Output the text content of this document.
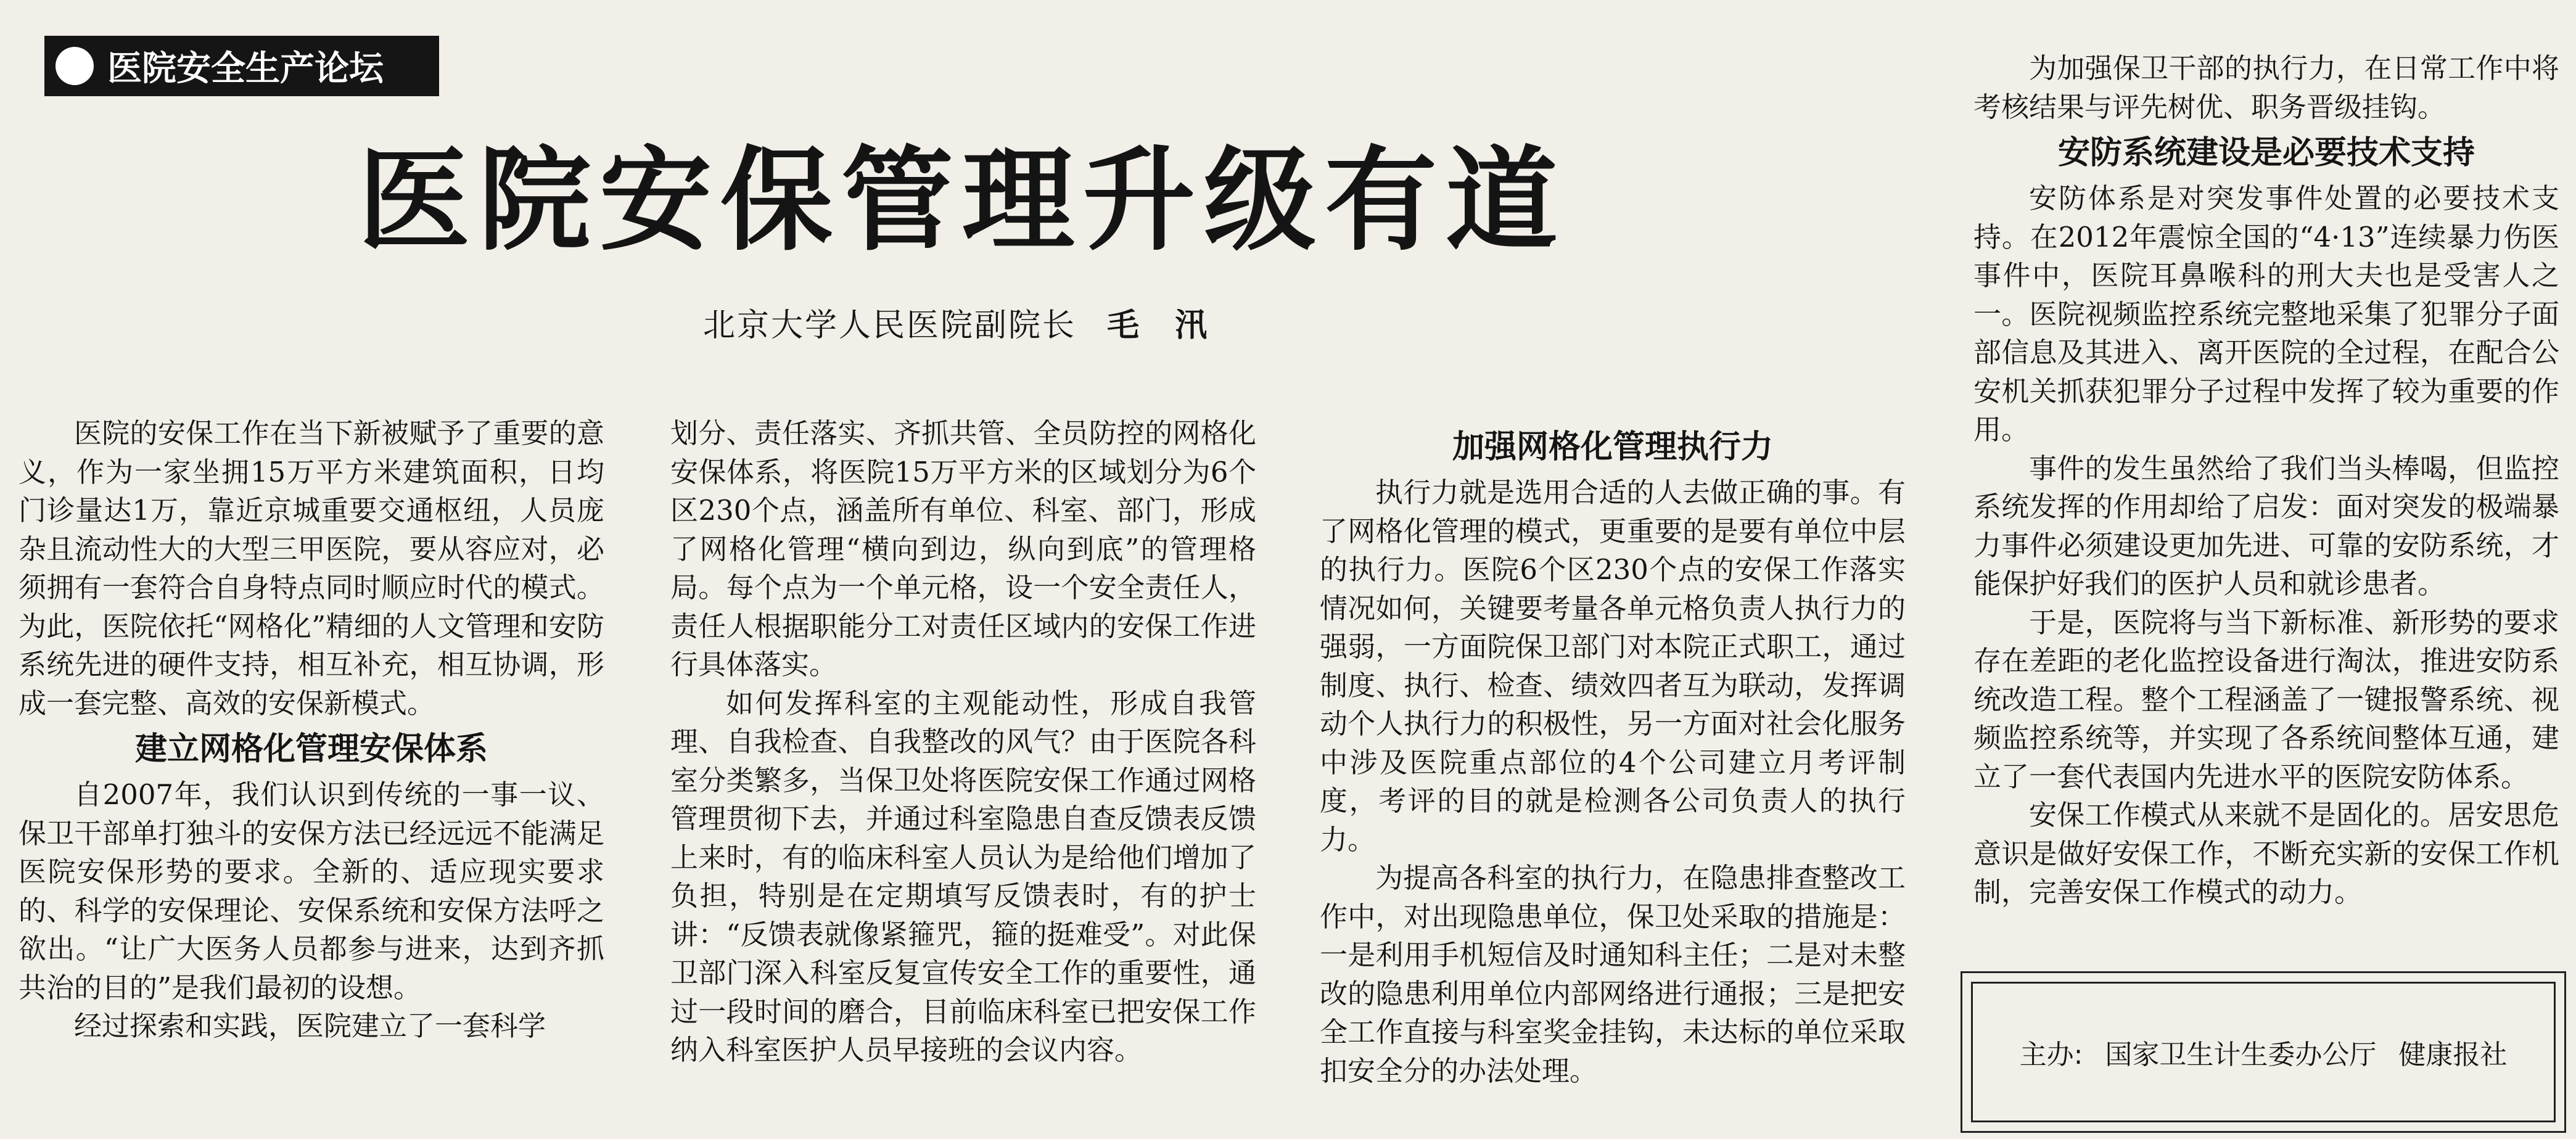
医院安全生产论坛
医院安保管理升级有道
北京大学人民医院副院长 毛 汛

医院的安保工作在当下新被赋予了重要的意义，作为一家坐拥15万平方米建筑面积，日均门诊量达1万，靠近京城重要交通枢纽，人员庞杂且流动性大的大型三甲医院，要从容应对，必须拥有一套符合自身特点同时顺应时代的模式。为此，医院依托“网格化”精细的人文管理和安防系统先进的硬件支持，相互补充，相互协调，形成一套完整、高效的安保新模式。

建立网格化管理安保体系

自2007年，我们认识到传统的一事一议、保卫干部单打独斗的安保方法已经远远不能满足医院安保形势的要求。全新的、适应现实要求的、科学的安保理论、安保系统和安保方法呼之欲出。“让广大医务人员都参与进来，达到齐抓共治的目的”是我们最初的设想。

经过探索和实践，医院建立了一套科学

划分、责任落实、齐抓共管、全员防控的网格化安保体系，将医院15万平方米的区域划分为6个区230个点，涵盖所有单位、科室、部门，形成了网格化管理“横向到边，纵向到底”的管理格局。每个点为一个单元格，设一个安全责任人，责任人根据职能分工对责任区域内的安保工作进行具体落实。

如何发挥科室的主观能动性，形成自我管理、自我检查、自我整改的风气？由于医院各科室分类繁多，当保卫处将医院安保工作通过网格管理贯彻下去，并通过科室隐患自查反馈表反馈上来时，有的临床科室人员认为是给他们增加了负担，特别是在定期填写反馈表时，有的护士讲：“反馈表就像紧箍咒，箍的挺难受”。对此保卫部门深入科室反复宣传安全工作的重要性，通过一段时间的磨合，目前临床科室已把安保工作纳入科室医护人员早接班的会议内容。

加强网格化管理执行力

执行力就是选用合适的人去做正确的事。有了网格化管理的模式，更重要的是要有单位中层的执行力。医院6个区230个点的安保工作落实情况如何，关键要考量各单元格负责人执行力的强弱，一方面院保卫部门对本院正式职工，通过制度、执行、检查、绩效四者互为联动，发挥调动个人执行力的积极性，另一方面对社会化服务中涉及医院重点部位的4个公司建立月考评制度，考评的目的就是检测各公司负责人的执行力。

为提高各科室的执行力，在隐患排查整改工作中，对出现隐患单位，保卫处采取的措施是：一是利用手机短信及时通知科主任；二是对未整改的隐患利用单位内部网络进行通报；三是把安全工作直接与科室奖金挂钩，未达标的单位采取扣安全分的办法处理。

为加强保卫干部的执行力，在日常工作中将考核结果与评先树优、职务晋级挂钩。

安防系统建设是必要技术支持

安防体系是对突发事件处置的必要技术支持。在2012年震惊全国的“4·13”连续暴力伤医事件中，医院耳鼻喉科的刑大夫也是受害人之一。医院视频监控系统完整地采集了犯罪分子面部信息及其进入、离开医院的全过程，在配合公安机关抓获犯罪分子过程中发挥了较为重要的作用。

事件的发生虽然给了我们当头棒喝，但监控系统发挥的作用却给了启发：面对突发的极端暴力事件必须建设更加先进、可靠的安防系统，才能保护好我们的医护人员和就诊患者。

于是，医院将与当下新标准、新形势的要求存在差距的老化监控设备进行淘汰，推进安防系统改造工程。整个工程涵盖了一键报警系统、视频监控系统等，并实现了各系统间整体互通，建立了一套代表国内先进水平的医院安防体系。

安保工作模式从来就不是固化的。居安思危意识是做好安保工作，不断充实新的安保工作机制，完善安保工作模式的动力。

主办: 国家卫生计生委办公厅 健康报社
